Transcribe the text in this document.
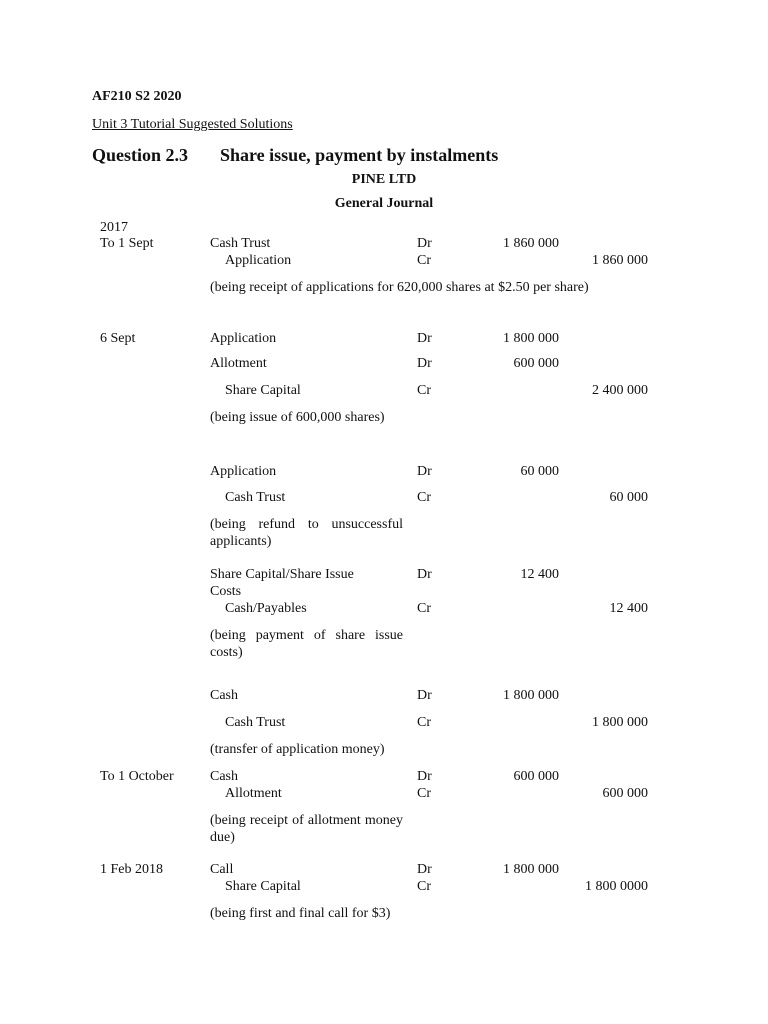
AF210 S2 2020
Unit 3 Tutorial Suggested Solutions
Question 2.3 Share issue, payment by instalments
PINE LTD
General Journal
2017
To 1 Sept	Cash Trust	Dr	1 860 000
Application	Cr	1 860 000
(being receipt of applications for 620,000 shares at $2.50 per share)
6 Sept	Application	Dr	1 800 000
Allotment	Dr	600 000
Share Capital	Cr	2 400 000
(being issue of 600,000 shares)
Application	Dr	60 000
Cash Trust	Cr	60 000
(being refund to unsuccessful applicants)
Share Capital/Share Issue	Dr	12 400
Costs
Cash/Payables	Cr	12 400
(being payment of share issue costs)
Cash	Dr	1 800 000
Cash Trust	Cr	1 800 000
(transfer of application money)
To 1 October	Cash	Dr	600 000
Allotment	Cr	600 000
(being receipt of allotment money due)
1 Feb 2018	Call	Dr	1 800 000
Share Capital	Cr	1 800 0000
(being first and final call for $3)
